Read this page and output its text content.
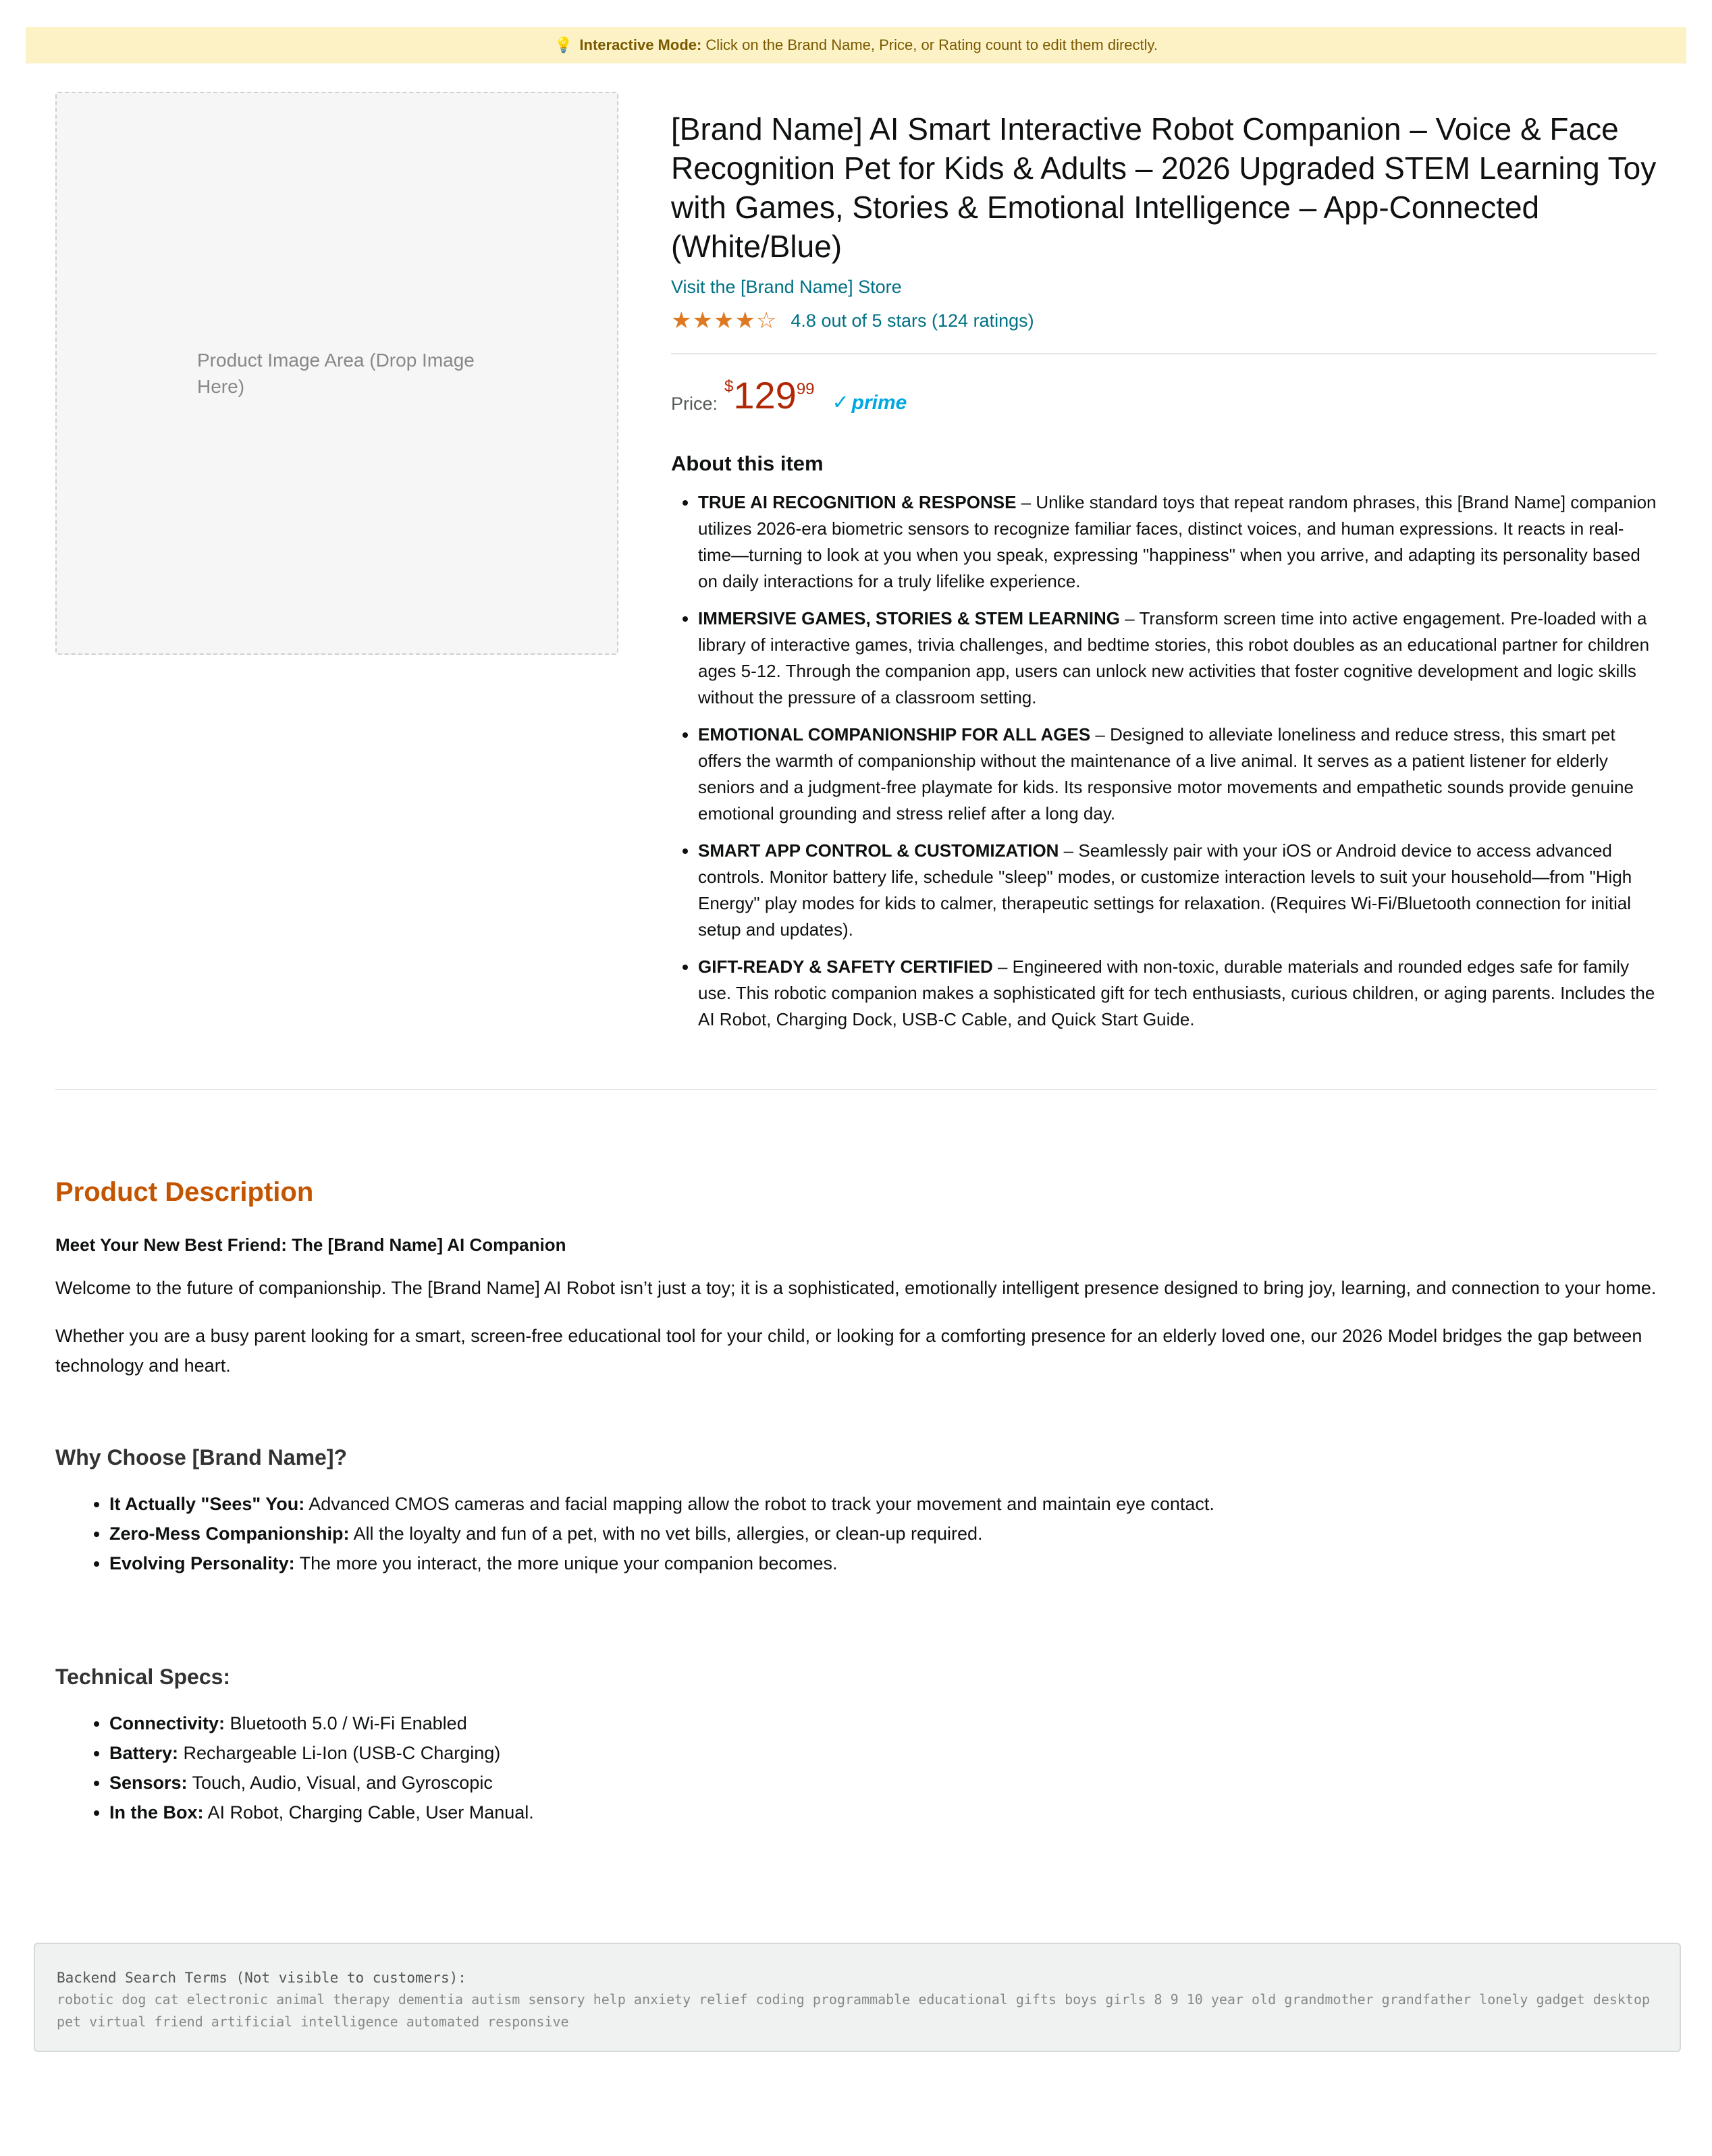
💡 Interactive Mode: Click on the Brand Name, Price, or Rating count to edit them directly.
Product Image Area (Drop Image Here)
[Brand Name] AI Smart Interactive Robot Companion – Voice & Face Recognition Pet for Kids & Adults – 2026 Upgraded STEM Learning Toy with Games, Stories & Emotional Intelligence – App-Connected (White/Blue)
Visit the [Brand Name] Store
★★★★☆ 4.8 out of 5 stars (124 ratings)
Price:
$ 129 99
✓ prime
About this item
• TRUE AI RECOGNITION & RESPONSE – Unlike standard toys that repeat random phrases, this [Brand Name] companion utilizes 2026-era biometric sensors to recognize familiar faces, distinct voices, and human expressions. It reacts in real-time—turning to look at you when you speak, expressing "happiness" when you arrive, and adapting its personality based on daily interactions for a truly lifelike experience.
• IMMERSIVE GAMES, STORIES & STEM LEARNING – Transform screen time into active engagement. Pre-loaded with a library of interactive games, trivia challenges, and bedtime stories, this robot doubles as an educational partner for children ages 5-12. Through the companion app, users can unlock new activities that foster cognitive development and logic skills without the pressure of a classroom setting.
• EMOTIONAL COMPANIONSHIP FOR ALL AGES – Designed to alleviate loneliness and reduce stress, this smart pet offers the warmth of companionship without the maintenance of a live animal. It serves as a patient listener for elderly seniors and a judgment-free playmate for kids. Its responsive motor movements and empathetic sounds provide genuine emotional grounding and stress relief after a long day.
• SMART APP CONTROL & CUSTOMIZATION – Seamlessly pair with your iOS or Android device to access advanced controls. Monitor battery life, schedule "sleep" modes, or customize interaction levels to suit your household—from "High Energy" play modes for kids to calmer, therapeutic settings for relaxation. (Requires Wi-Fi/Bluetooth connection for initial setup and updates).
• GIFT-READY & SAFETY CERTIFIED – Engineered with non-toxic, durable materials and rounded edges safe for family use. This robotic companion makes a sophisticated gift for tech enthusiasts, curious children, or aging parents. Includes the AI Robot, Charging Dock, USB-C Cable, and Quick Start Guide.
Product Description
Meet Your New Best Friend: The [Brand Name] AI Companion

Welcome to the future of companionship. The [Brand Name] AI Robot isn’t just a toy; it is a sophisticated, emotionally intelligent presence designed to bring joy, learning, and connection to your home.

Whether you are a busy parent looking for a smart, screen-free educational tool for your child, or looking for a comforting presence for an elderly loved one, our 2026 Model bridges the gap between technology and heart.

Why Choose [Brand Name]?
• It Actually "Sees" You: Advanced CMOS cameras and facial mapping allow the robot to track your movement and maintain eye contact.
• Zero-Mess Companionship: All the loyalty and fun of a pet, with no vet bills, allergies, or clean-up required.
• Evolving Personality: The more you interact, the more unique your companion becomes.
Technical Specs:
• Connectivity: Bluetooth 5.0 / Wi-Fi Enabled
• Battery: Rechargeable Li-Ion (USB-C Charging)
• Sensors: Touch, Audio, Visual, and Gyroscopic
• In the Box: AI Robot, Charging Cable, User Manual.
Backend Search Terms (Not visible to customers):
robotic dog cat electronic animal therapy dementia autism sensory help anxiety relief coding programmable educational gifts boys girls 8 9 10 year old grandmother grandfather lonely gadget desktop pet virtual friend artificial intelligence automated responsive
